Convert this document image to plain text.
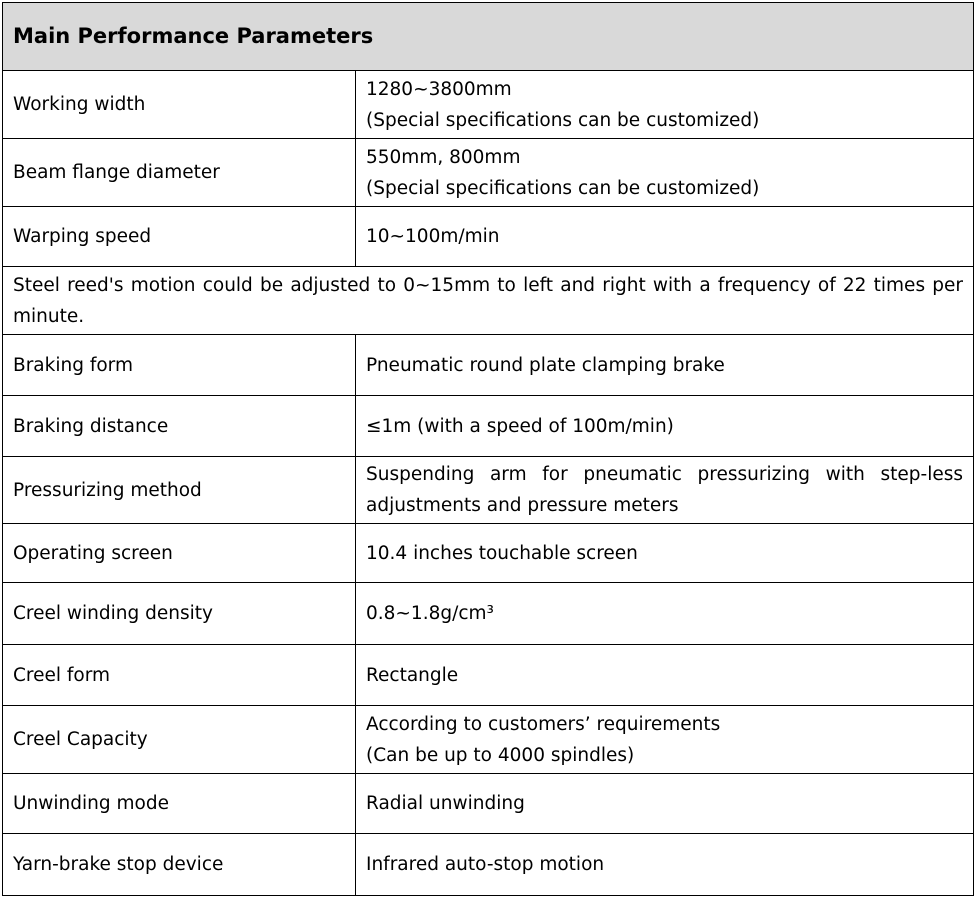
Main Performance Parameters	
Working width	1280~3800mm
(Special specifications can be customized)

Beam flange diameter	550mm, 800mm
(Special specifications can be customized)

Warping speed	10~100m/min

Steel reed's motion could be adjusted to 0~15mm to left and right with a frequency of 22 times per minute.	
Braking form	Pneumatic round plate clamping brake

Braking distance	≤1m (with a speed of 100m/min)

Pressurizing method	Suspending arm for pneumatic pressurizing with step-less adjustments and pressure meters
Operating screen	10.4 inches touchable screen

Creel winding density	0.8~1.8g/cm³

Creel form	Rectangle

Creel Capacity	According to customers’ requirements
(Can be up to 4000 spindles)

Unwinding mode	Radial unwinding

Yarn-brake stop device	Infrared auto-stop motion
